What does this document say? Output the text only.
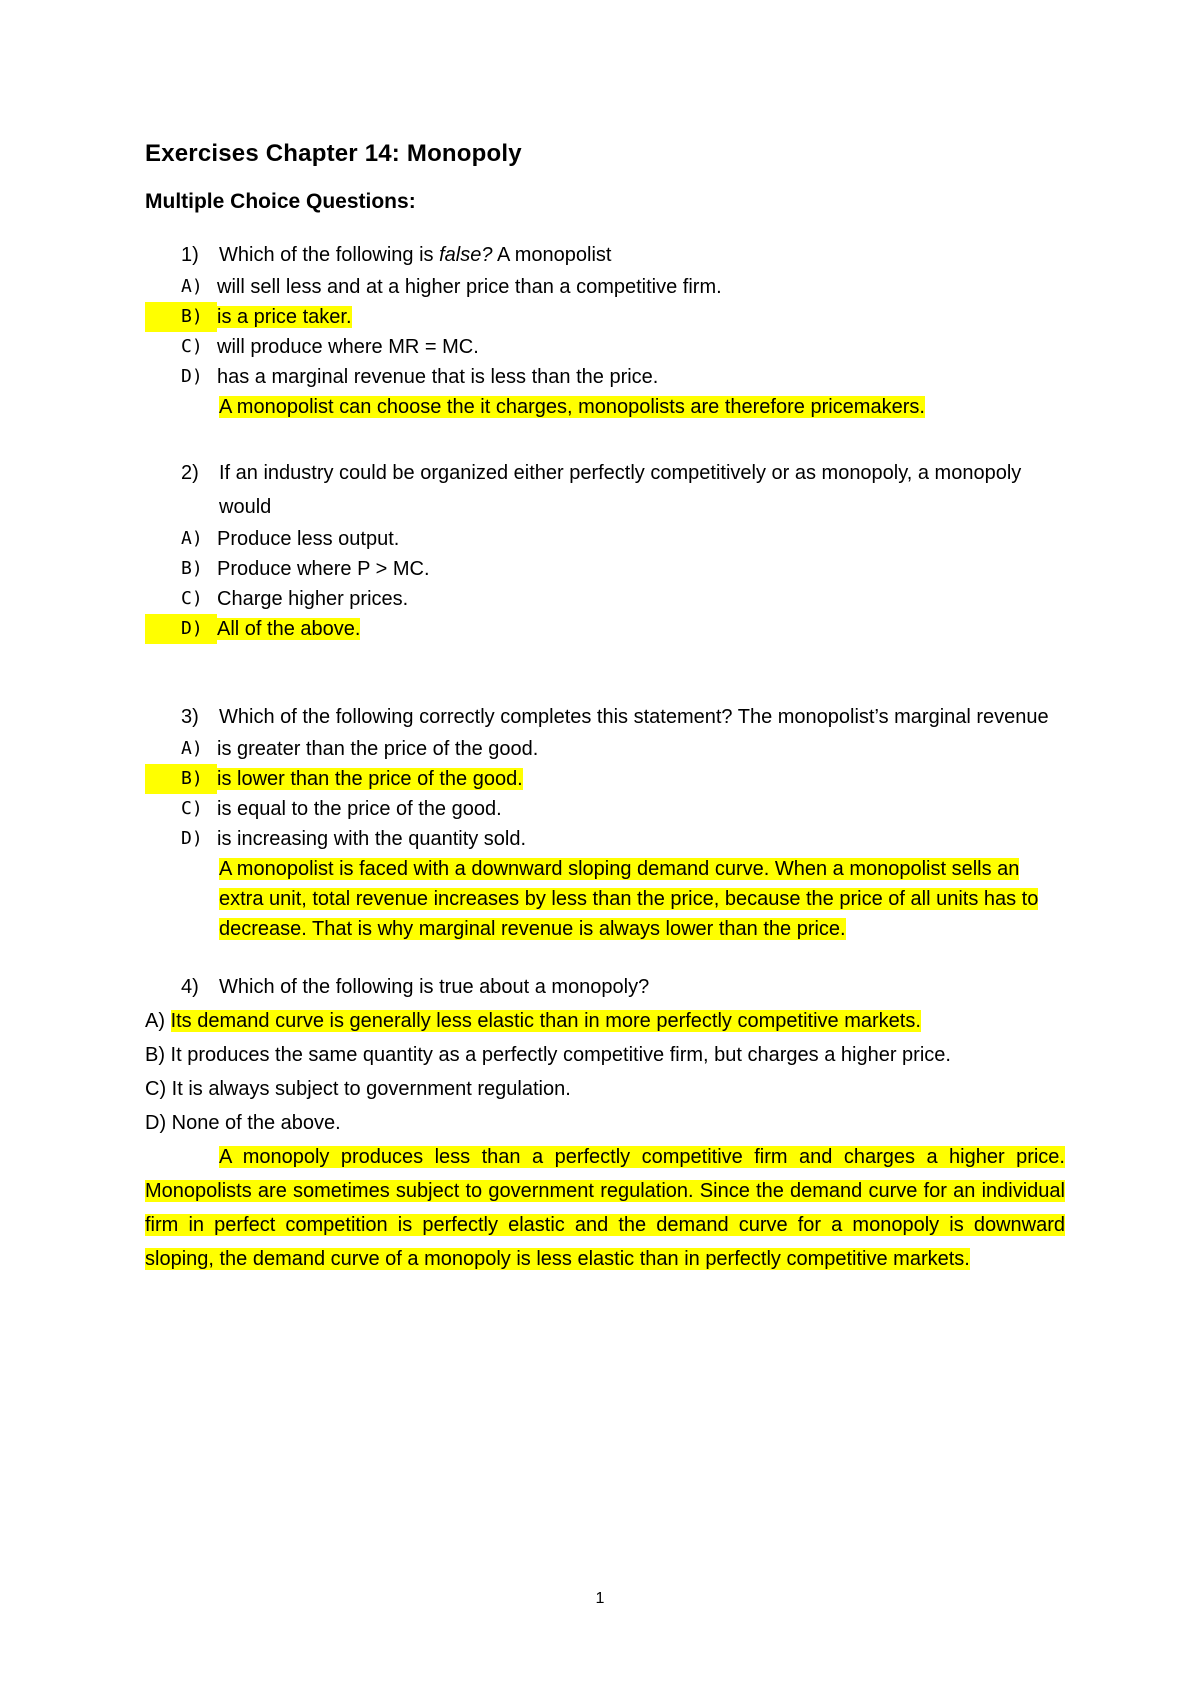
Exercises Chapter 14: Monopoly
Multiple Choice Questions:
1)	Which of the following is false? A monopolist
A) will sell less and at a higher price than a competitive firm.
B) is a price taker.
C) will produce where MR = MC.
D) has a marginal revenue that is less than the price.
A monopolist can choose the it charges, monopolists are therefore pricemakers.
2)	If an industry could be organized either perfectly competitively or as monopoly, a monopoly would
A) Produce less output.
B) Produce where P > MC.
C) Charge higher prices.
D) All of the above.
3)	Which of the following correctly completes this statement? The monopolist’s marginal revenue
A) is greater than the price of the good.
B) is lower than the price of the good.
C) is equal to the price of the good.
D) is increasing with the quantity sold.
A monopolist is faced with a downward sloping demand curve. When a monopolist sells an extra unit, total revenue increases by less than the price, because the price of all units has to decrease. That is why marginal revenue is always lower than the price.
4)	Which of the following is true about a monopoly?
A) Its demand curve is generally less elastic than in more perfectly competitive markets.
B) It produces the same quantity as a perfectly competitive firm, but charges a higher price.
C) It is always subject to government regulation.
D) None of the above.
A monopoly produces less than a perfectly competitive firm and charges a higher price. Monopolists are sometimes subject to government regulation. Since the demand curve for an individual firm in perfect competition is perfectly elastic and the demand curve for a monopoly is downward sloping, the demand curve of a monopoly is less elastic than in perfectly competitive markets.
1
